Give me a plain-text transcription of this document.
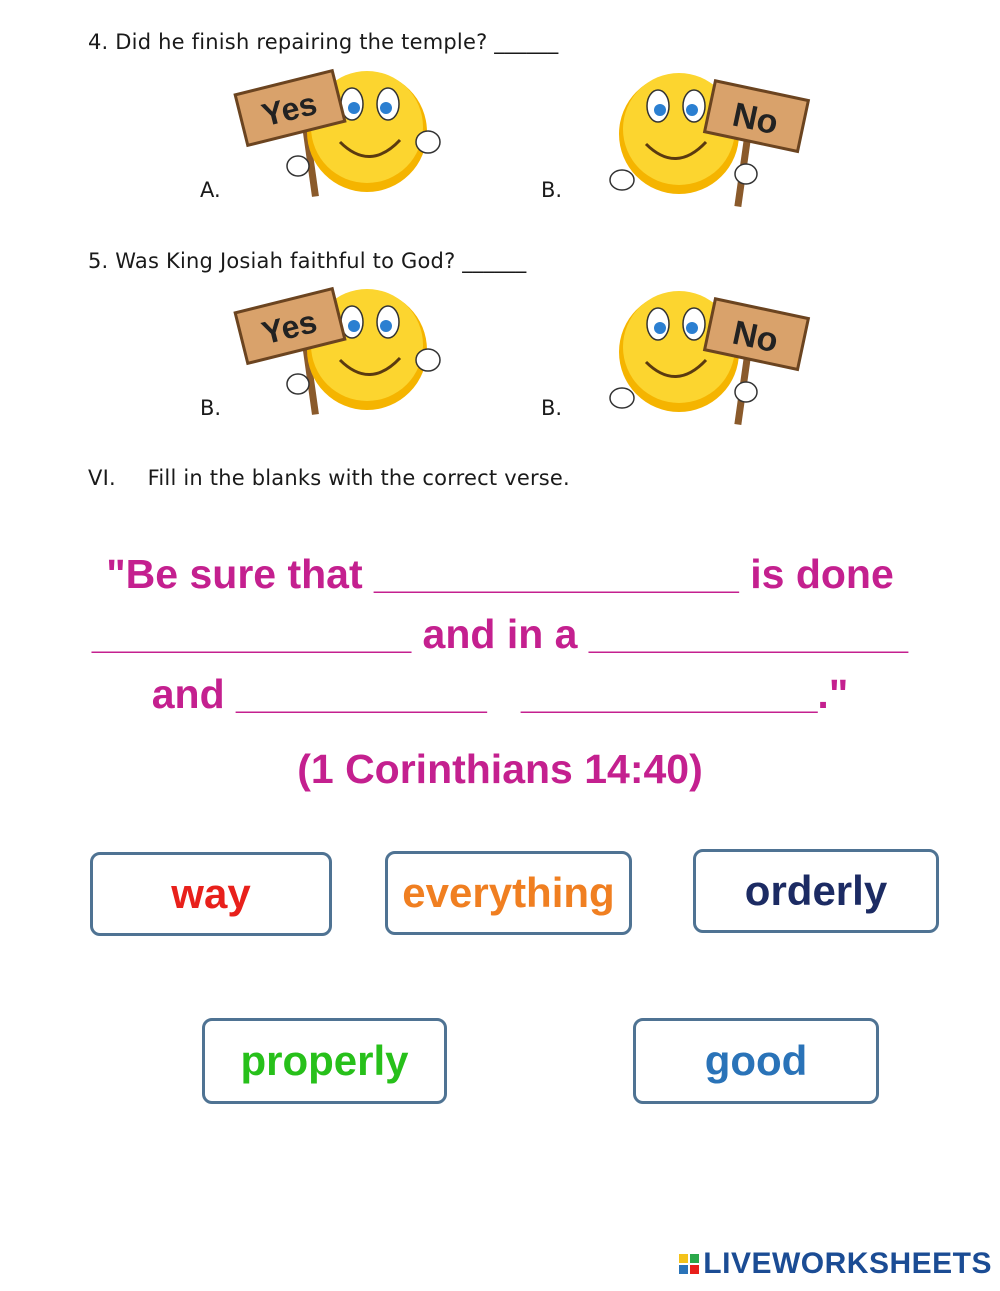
4. Did he finish repairing the temple? ______
Yes
A.
No
B.
5. Was King Josiah faithful to God? ______
Yes
B.
No
B.
VI. Fill in the blanks with the correct verse.
"Be sure that ________________ is done
______________ and in a ______________
and ___________   _____________."
(1 Corinthians 14:40)
way	everything	orderly
properly	good
LIVEWORKSHEETS
